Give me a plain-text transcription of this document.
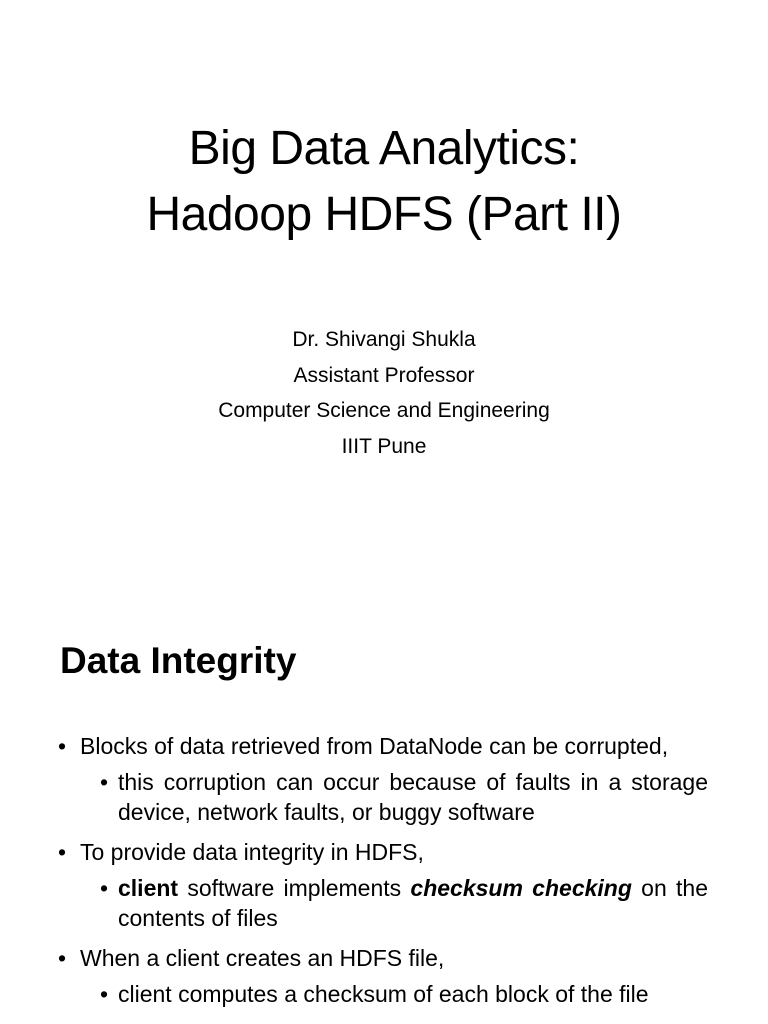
Big Data Analytics:
Hadoop HDFS (Part II)
Dr. Shivangi Shukla
Assistant Professor
Computer Science and Engineering
IIIT Pune
Data Integrity
• Blocks of data retrieved from DataNode can be corrupted,
• this corruption can occur because of faults in a storage device, network faults, or buggy software
• To provide data integrity in HDFS,
• client software implements checksum checking on the contents of files
• When a client creates an HDFS file,
• client computes a checksum of each block of the file
